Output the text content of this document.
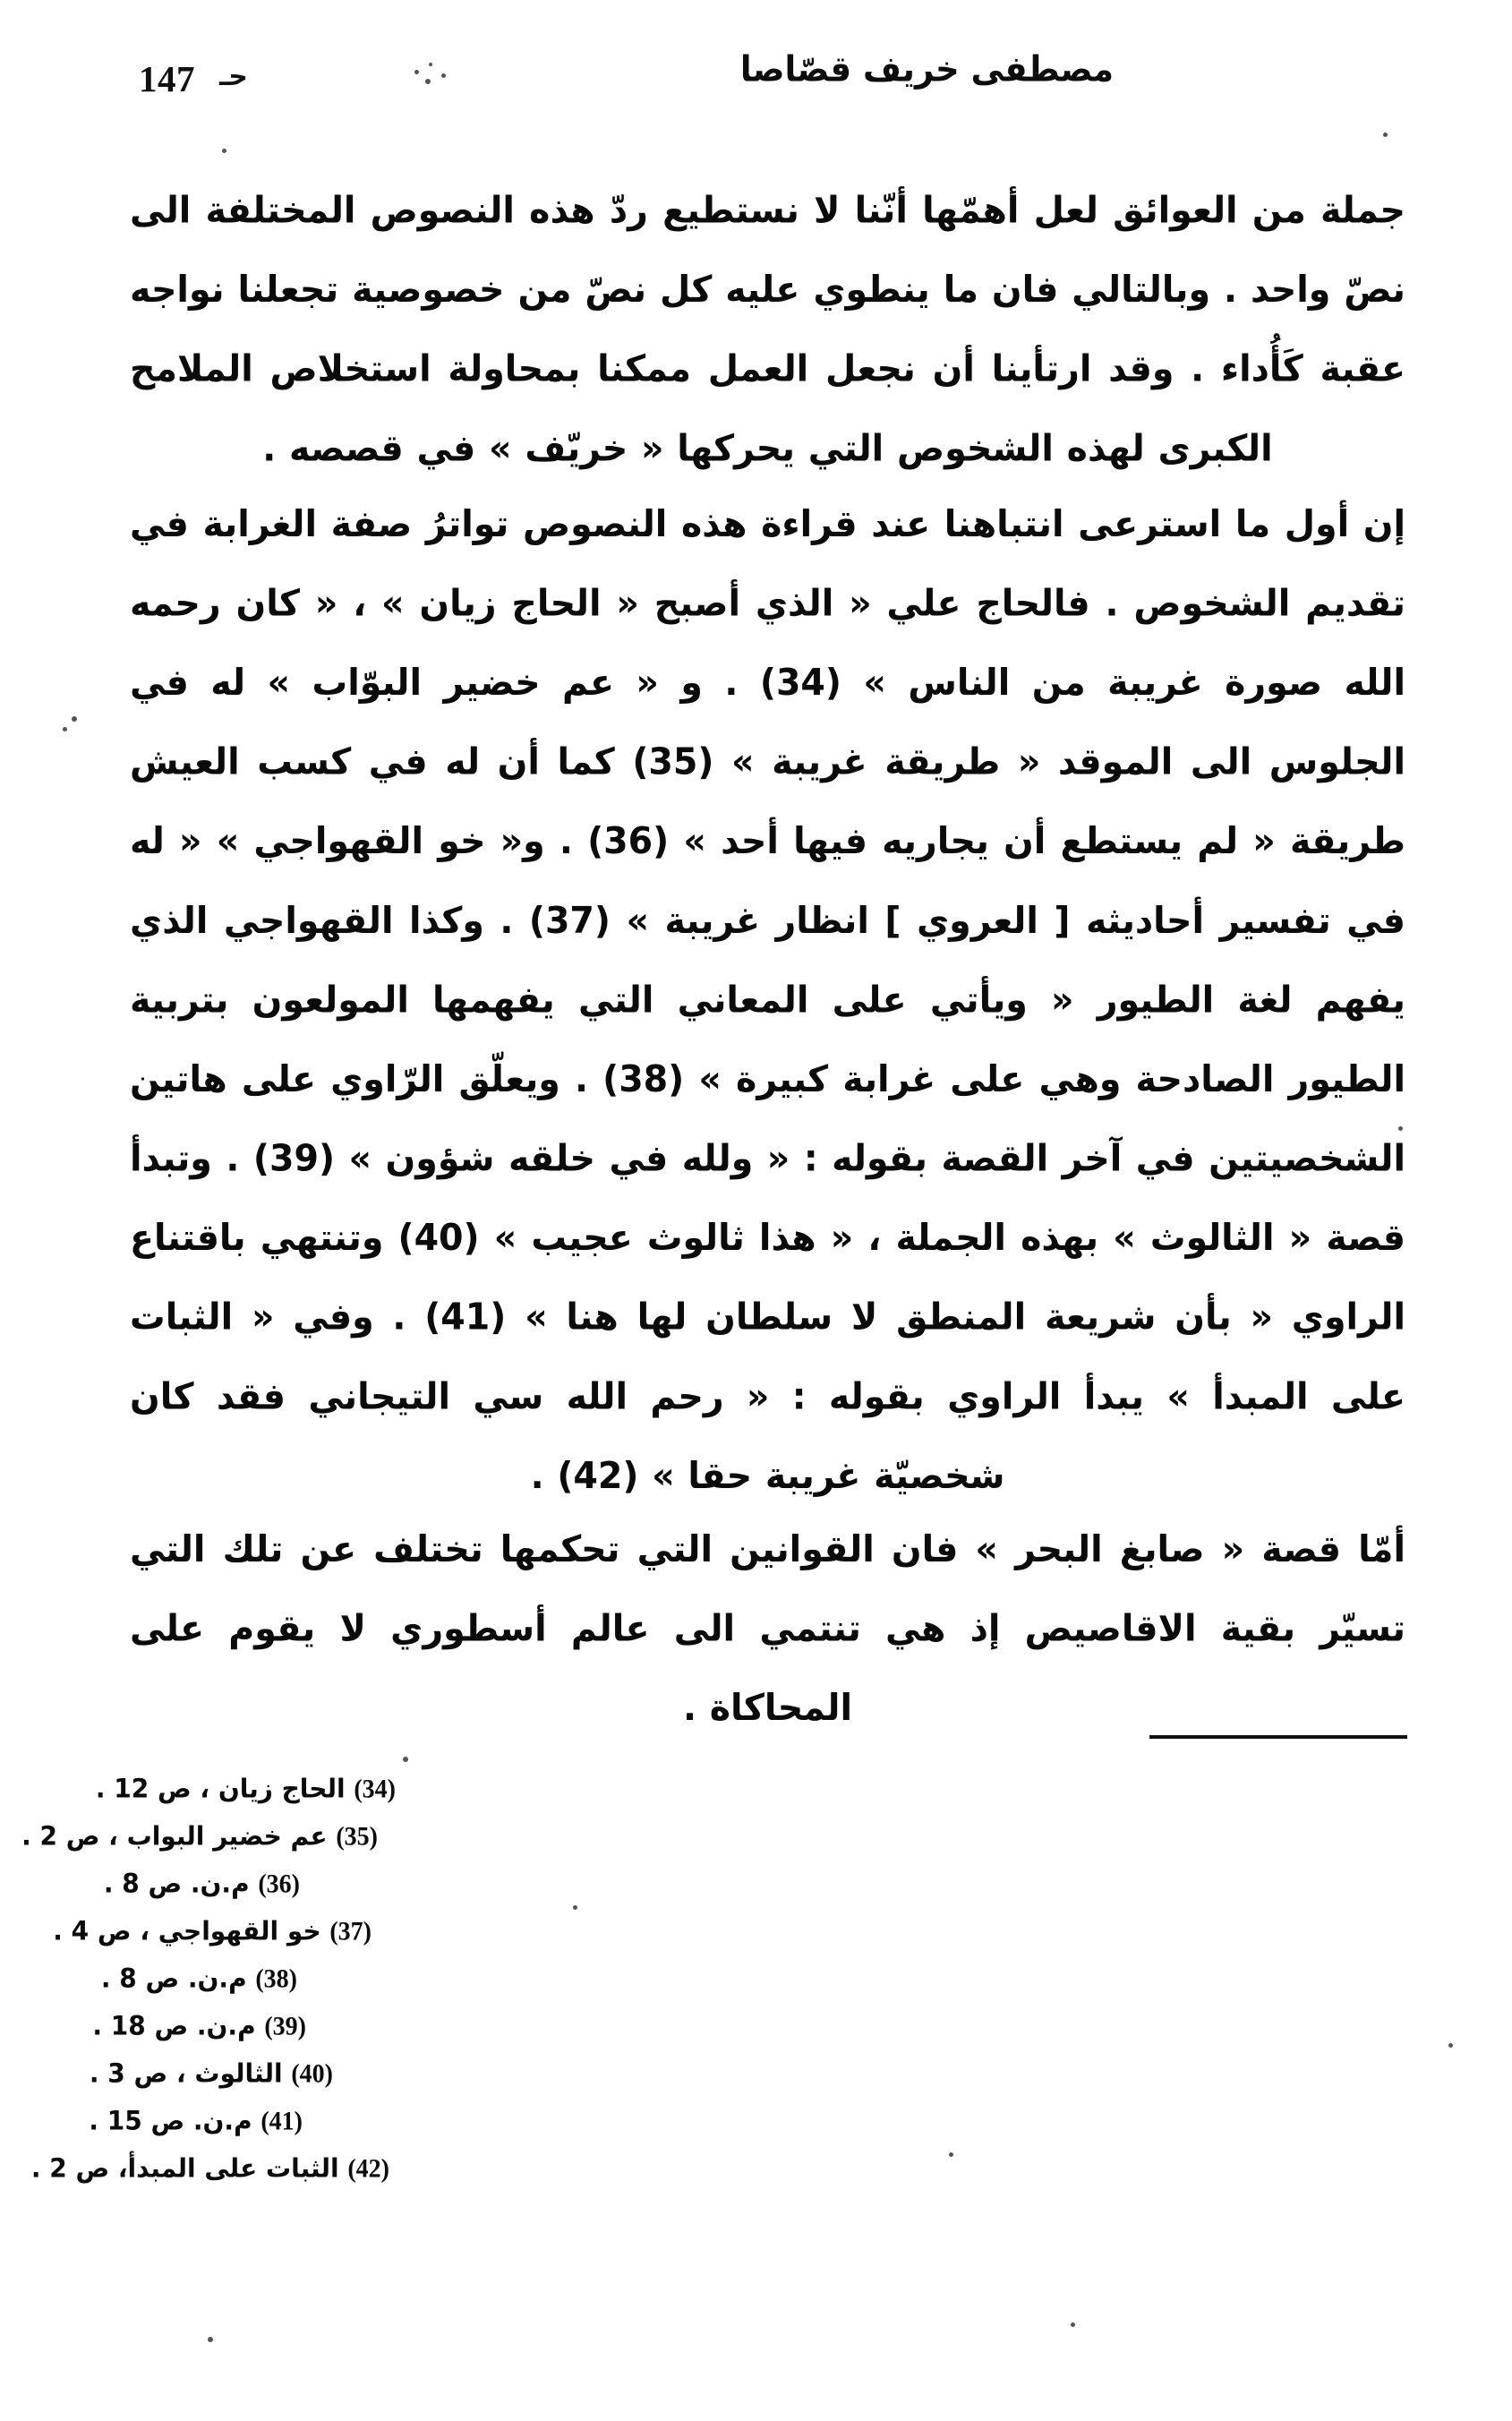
147	مصطفى خريف قصّاصا
حـ

جملة من العوائق لعل أهمّها أنّنا لا نستطيع ردّ هذه النصوص المختلفة الى نصّ واحد . وبالتالي فان ما ينطوي عليه كل نصّ من خصوصية تجعلنا نواجه عقبة كَأُداء . وقد ارتأينا أن نجعل العمل ممكنا بمحاولة استخلاص الملامح الكبرى لهذه الشخوص التي يحركها « خريّف » في قصصه .

إن أول ما استرعى انتباهنا عند قراءة هذه النصوص تواترُ صفة الغرابة في تقديم الشخوص . فالحاج علي « الذي أصبح « الحاج زيان » ، « كان رحمه الله صورة غريبة من الناس » (34) . و « عم خضير البوّاب » له في الجلوس الى الموقد « طريقة غريبة » (35) كما أن له في كسب العيش طريقة « لم يستطع أن يجاريه فيها أحد » (36) . و« خو القهواجي » « له في تفسير أحاديثه [ العروي ] انظار غريبة » (37) . وكذا القهواجي الذي يفهم لغة الطيور « ويأتي على المعاني التي يفهمها المولعون بتربية الطيور الصادحة وهي على غرابة كبيرة » (38) . ويعلّق الرّاوي على هاتين الشخصيتين في آخر القصة بقوله : « ولله في خلقه شؤون » (39) . وتبدأ قصة « الثالوث » بهذه الجملة ، « هذا ثالوث عجيب » (40) وتنتهي باقتناع الراوي « بأن شريعة المنطق لا سلطان لها هنا » (41) . وفي « الثبات على المبدأ » يبدأ الراوي بقوله : « رحم الله سي التيجاني فقد كان شخصيّة غريبة حقا » (42) .

أمّا قصة « صابغ البحر » فان القوانين التي تحكمها تختلف عن تلك التي تسيّر بقية الاقاصيص إذ هي تنتمي الى عالم أسطوري لا يقوم على المحاكاة .

(34) الحاج زيان ، ص 12 .
(35) عم خضير البواب ، ص 2 .
(36) م.ن. ص 8 .
(37) خو القهواجي ، ص 4 .
(38) م.ن. ص 8 .
(39) م.ن. ص 18 .
(40) الثالوث ، ص 3 .
(41) م.ن. ص 15 .
(42) الثبات على المبدأ، ص 2 .
